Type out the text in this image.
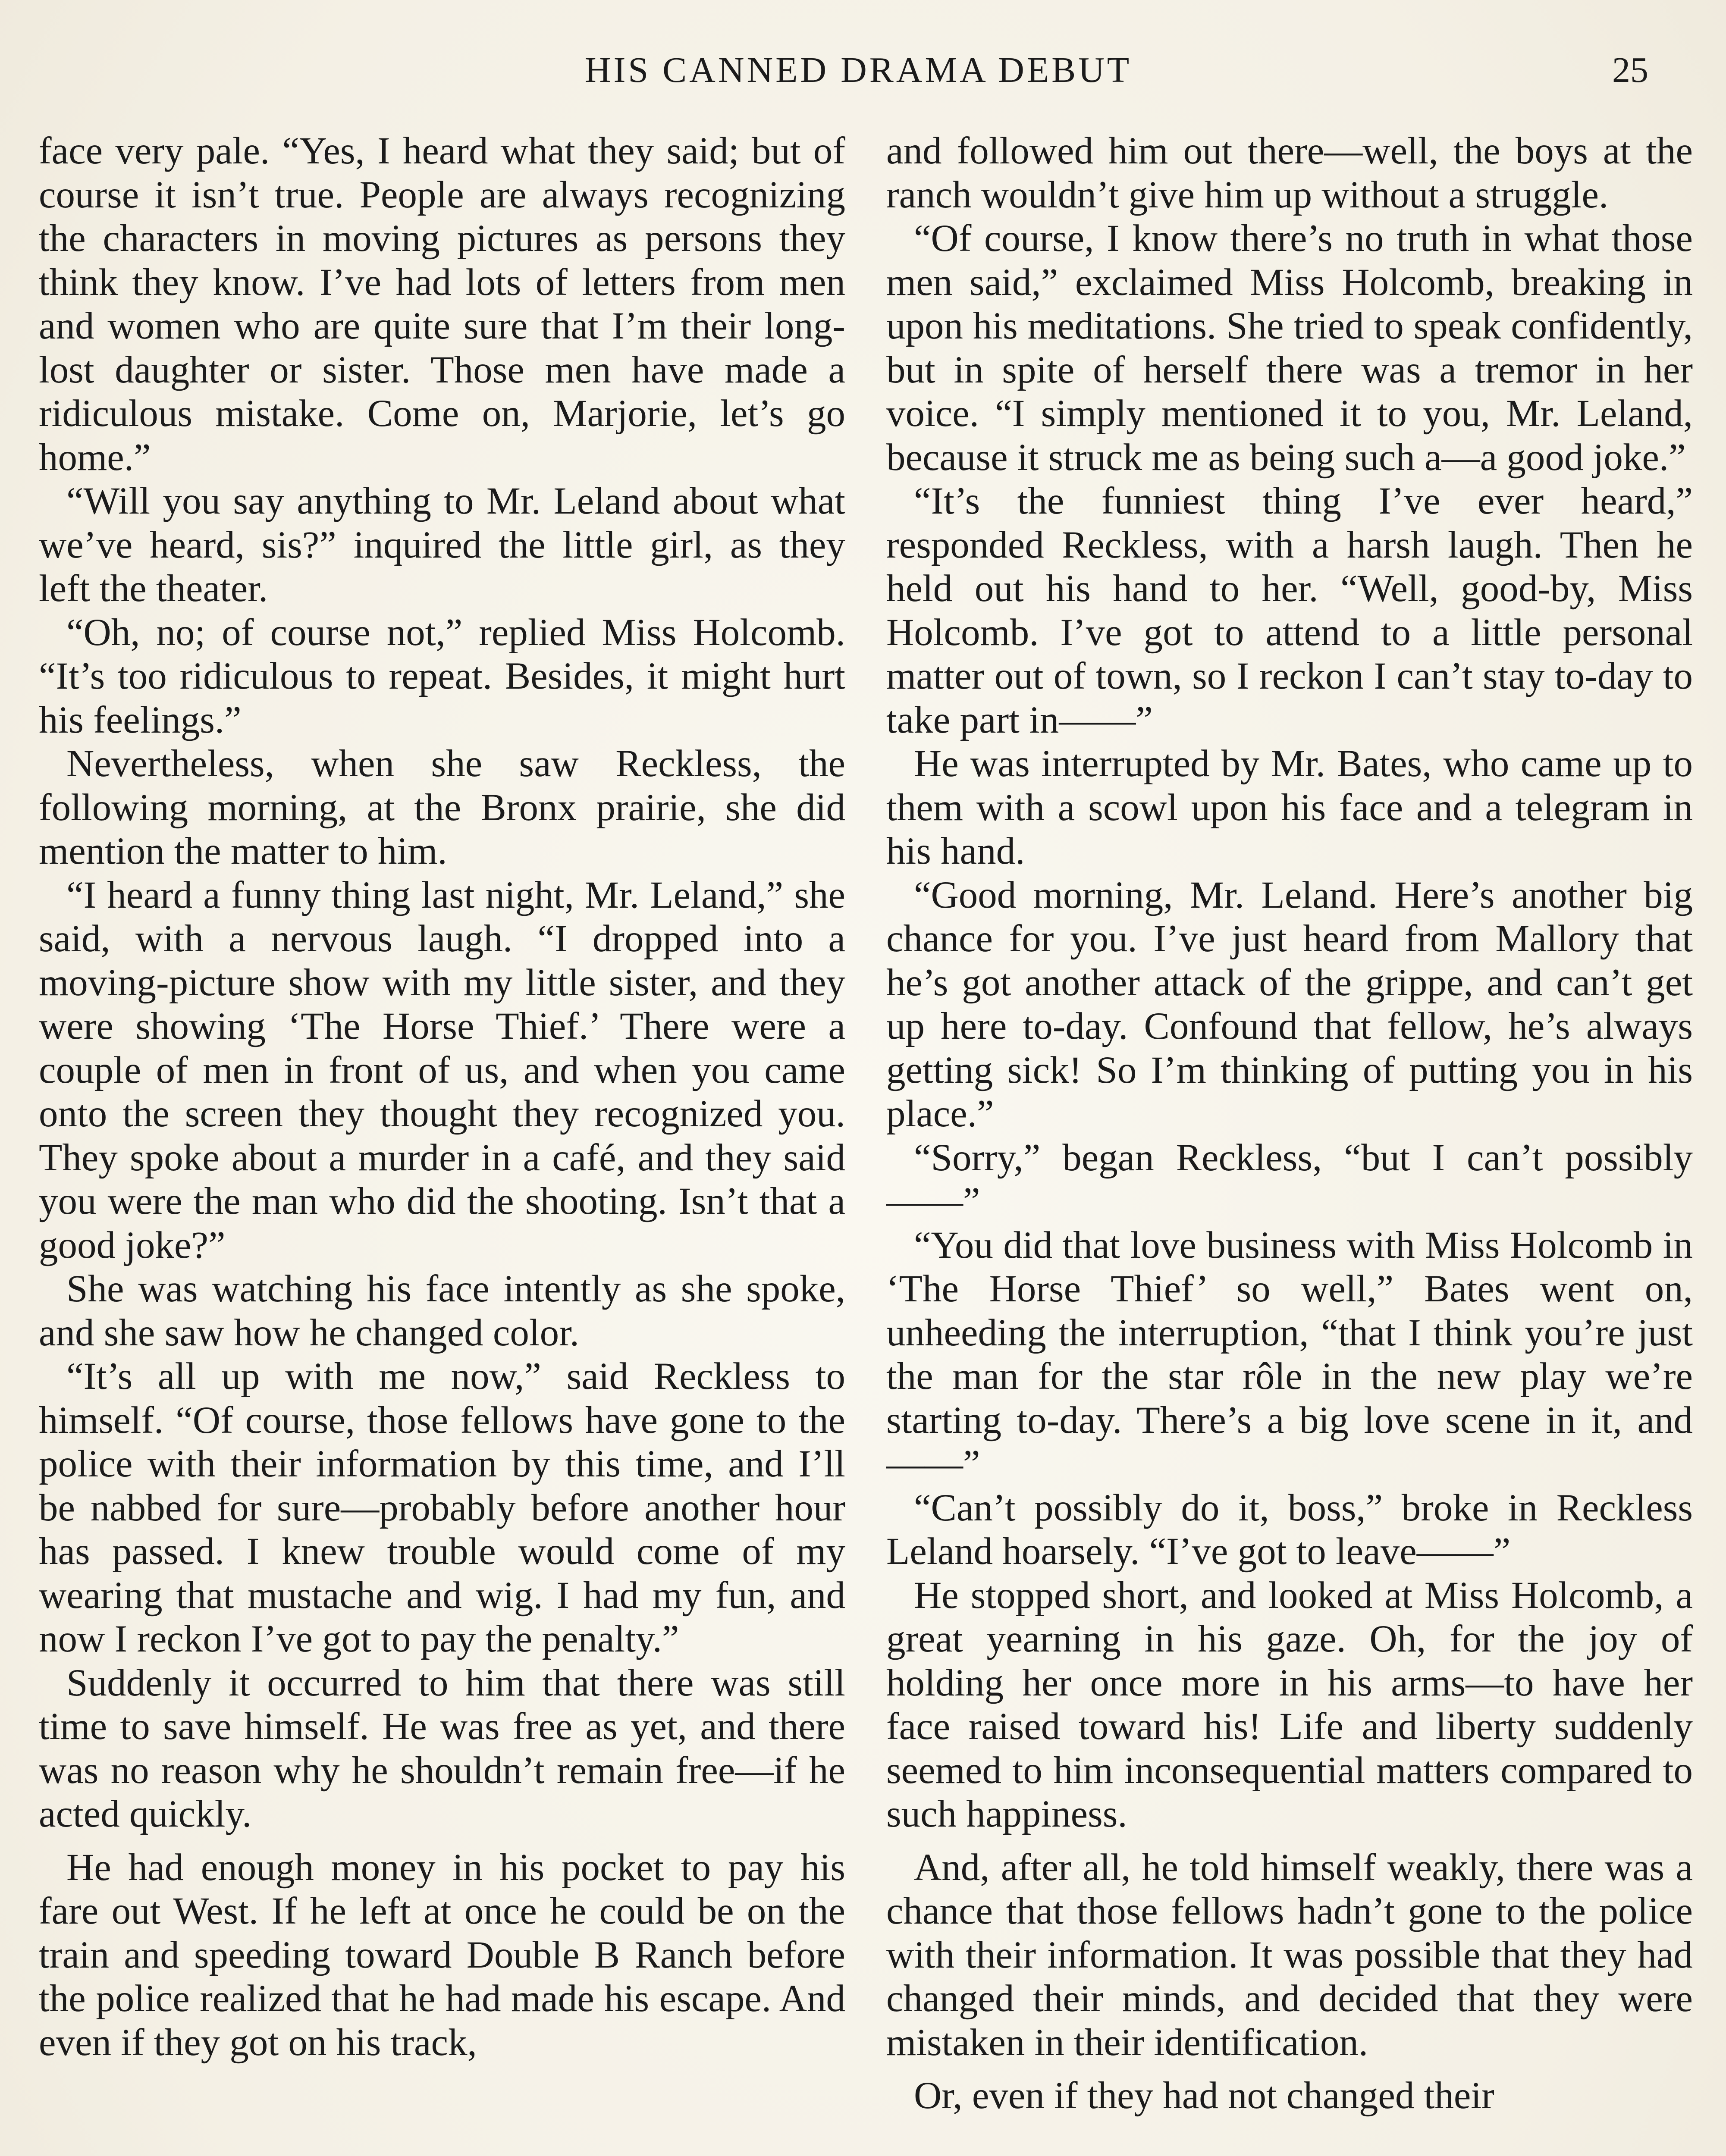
HIS CANNED DRAMA DEBUT	25

face very pale. “Yes, I heard what they said; but of course it isn’t true. People are always recognizing the characters in moving pictures as persons they think they know. I’ve had lots of letters from men and women who are quite sure that I’m their long-lost daughter or sister. Those men have made a ridiculous mistake. Come on, Marjorie, let’s go home.”

“Will you say anything to Mr. Leland about what we’ve heard, sis?” inquired the little girl, as they left the theater.

“Oh, no; of course not,” replied Miss Holcomb. “It’s too ridiculous to repeat. Besides, it might hurt his feelings.”

Nevertheless, when she saw Reckless, the following morning, at the Bronx prairie, she did mention the matter to him.

“I heard a funny thing last night, Mr. Leland,” she said, with a nervous laugh. “I dropped into a moving-picture show with my little sister, and they were showing ‘The Horse Thief.’ There were a couple of men in front of us, and when you came onto the screen they thought they recognized you. They spoke about a murder in a café, and they said you were the man who did the shooting. Isn’t that a good joke?”

She was watching his face intently as she spoke, and she saw how he changed color.

“It’s all up with me now,” said Reckless to himself. “Of course, those fellows have gone to the police with their information by this time, and I’ll be nabbed for sure—probably before another hour has passed. I knew trouble would come of my wearing that mustache and wig. I had my fun, and now I reckon I’ve got to pay the penalty.”

Suddenly it occurred to him that there was still time to save himself. He was free as yet, and there was no reason why he shouldn’t remain free—if he acted quickly.

He had enough money in his pocket to pay his fare out West. If he left at once he could be on the train and speeding toward Double B Ranch before the police realized that he had made his escape. And even if they got on his track,

and followed him out there—well, the boys at the ranch wouldn’t give him up without a struggle.

“Of course, I know there’s no truth in what those men said,” exclaimed Miss Holcomb, breaking in upon his meditations. She tried to speak confidently, but in spite of herself there was a tremor in her voice. “I simply mentioned it to you, Mr. Leland, because it struck me as being such a—a good joke.”

“It’s the funniest thing I’ve ever heard,” responded Reckless, with a harsh laugh. Then he held out his hand to her. “Well, good-by, Miss Holcomb. I’ve got to attend to a little personal matter out of town, so I reckon I can’t stay to-day to take part in——”

He was interrupted by Mr. Bates, who came up to them with a scowl upon his face and a telegram in his hand.

“Good morning, Mr. Leland. Here’s another big chance for you. I’ve just heard from Mallory that he’s got another attack of the grippe, and can’t get up here to-day. Confound that fellow, he’s always getting sick! So I’m thinking of putting you in his place.”

“Sorry,” began Reckless, “but I can’t possibly——”

“You did that love business with Miss Holcomb in ‘The Horse Thief’ so well,” Bates went on, unheeding the interruption, “that I think you’re just the man for the star rôle in the new play we’re starting to-day. There’s a big love scene in it, and——”

“Can’t possibly do it, boss,” broke in Reckless Leland hoarsely. “I’ve got to leave——”

He stopped short, and looked at Miss Holcomb, a great yearning in his gaze. Oh, for the joy of holding her once more in his arms—to have her face raised toward his! Life and liberty suddenly seemed to him inconsequential matters compared to such happiness.

And, after all, he told himself weakly, there was a chance that those fellows hadn’t gone to the police with their information. It was possible that they had changed their minds, and decided that they were mistaken in their identification.

Or, even if they had not changed their
